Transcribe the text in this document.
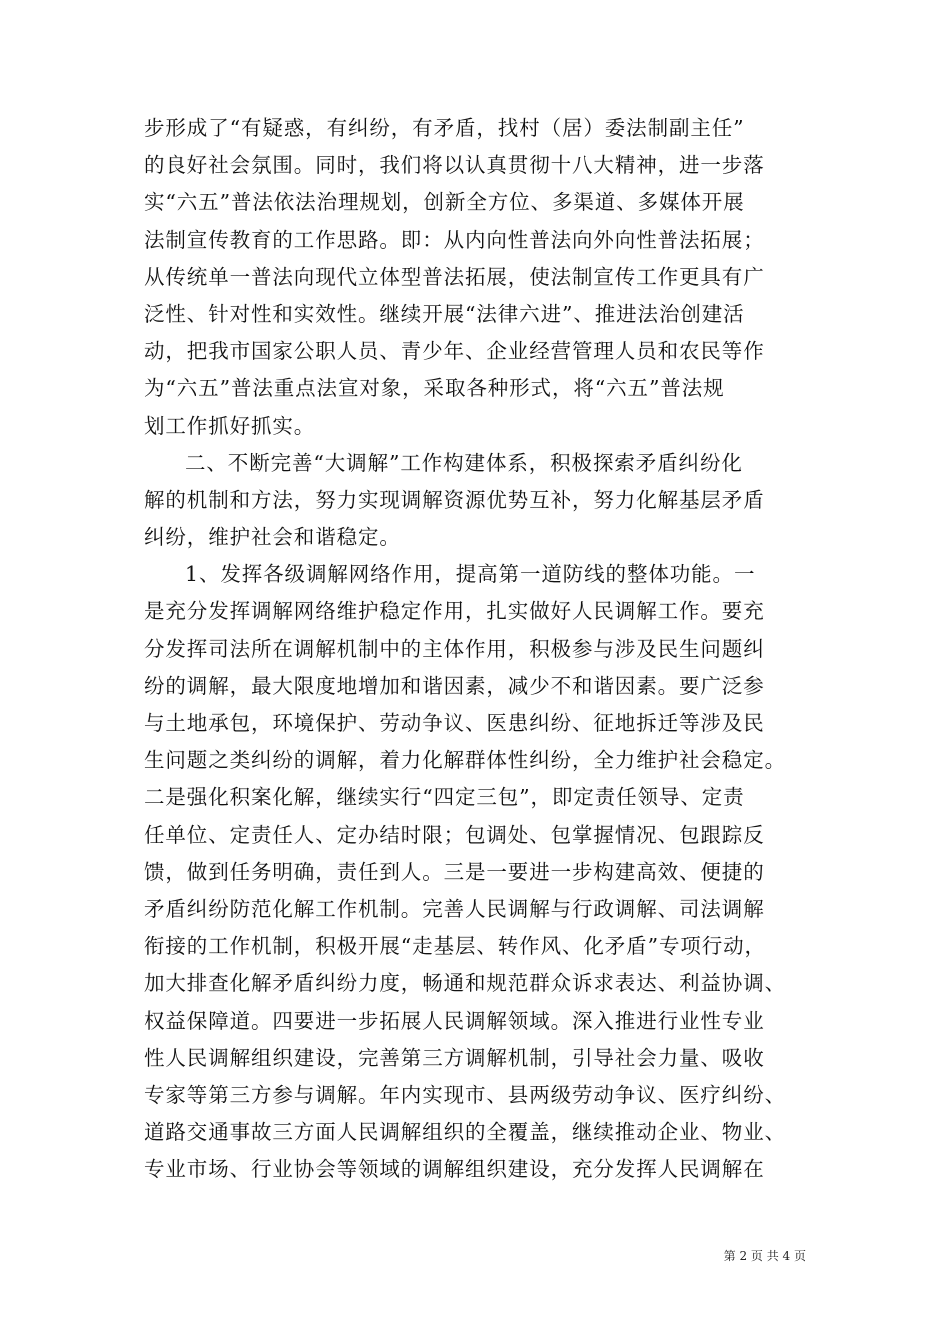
步形成了“有疑惑，有纠纷，有矛盾，找村（居）委法制副主任”
的良好社会氛围。同时，我们将以认真贯彻十八大精神，进一步落
实“六五”普法依法治理规划，创新全方位、多渠道、多媒体开展
法制宣传教育的工作思路。即：从内向性普法向外向性普法拓展；
从传统单一普法向现代立体型普法拓展，使法制宣传工作更具有广
泛性、针对性和实效性。继续开展“法律六进”、推进法治创建活
动，把我市国家公职人员、青少年、企业经营管理人员和农民等作
为“六五”普法重点法宣对象，采取各种形式，将“六五”普法规
划工作抓好抓实。
二、不断完善“大调解”工作构建体系，积极探索矛盾纠纷化
解的机制和方法，努力实现调解资源优势互补，努力化解基层矛盾
纠纷，维护社会和谐稳定。
1、发挥各级调解网络作用，提高第一道防线的整体功能。一
是充分发挥调解网络维护稳定作用，扎实做好人民调解工作。要充
分发挥司法所在调解机制中的主体作用，积极参与涉及民生问题纠
纷的调解，最大限度地增加和谐因素，减少不和谐因素。要广泛参
与土地承包，环境保护、劳动争议、医患纠纷、征地拆迁等涉及民
生问题之类纠纷的调解，着力化解群体性纠纷，全力维护社会稳定。
二是强化积案化解，继续实行“四定三包”，即定责任领导、定责
任单位、定责任人、定办结时限；包调处、包掌握情况、包跟踪反
馈，做到任务明确，责任到人。三是一要进一步构建高效、便捷的
矛盾纠纷防范化解工作机制。完善人民调解与行政调解、司法调解
衔接的工作机制，积极开展“走基层、转作风、化矛盾”专项行动，
加大排查化解矛盾纠纷力度，畅通和规范群众诉求表达、利益协调、
权益保障道。四要进一步拓展人民调解领域。深入推进行业性专业
性人民调解组织建设，完善第三方调解机制，引导社会力量、吸收
专家等第三方参与调解。年内实现市、县两级劳动争议、医疗纠纷、
道路交通事故三方面人民调解组织的全覆盖，继续推动企业、物业、
专业市场、行业协会等领域的调解组织建设，充分发挥人民调解在
第 2 页 共 4 页
